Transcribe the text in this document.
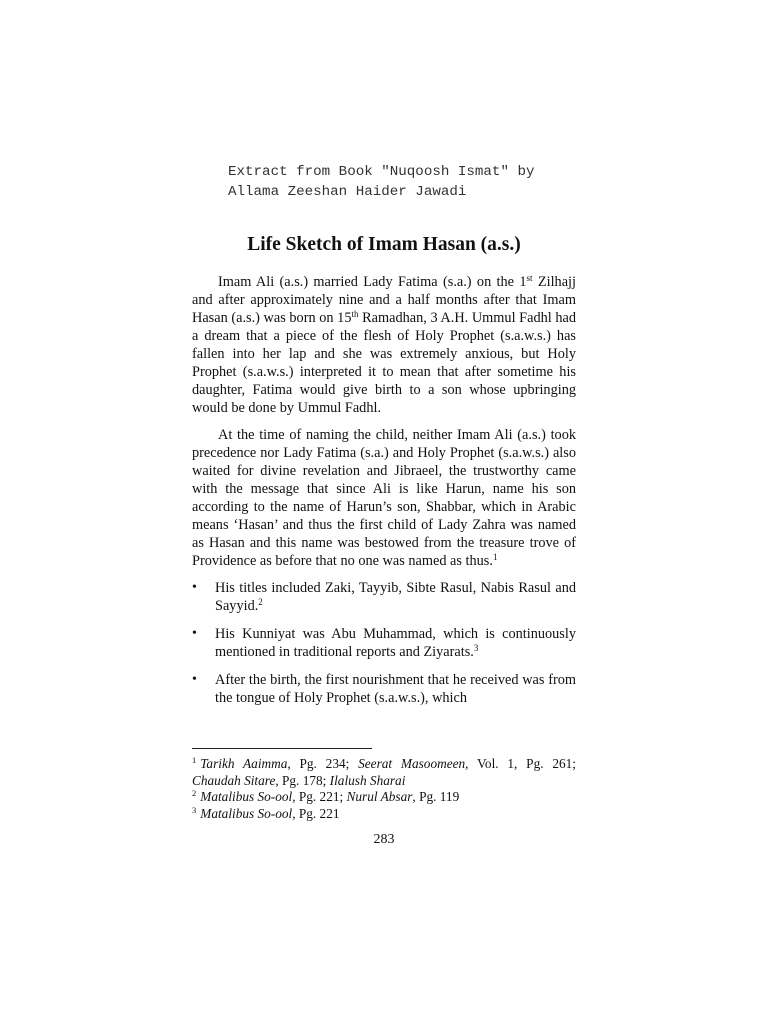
Extract from Book "Nuqoosh Ismat" by
Allama Zeeshan Haider Jawadi
Life Sketch of Imam Hasan (a.s.)

Imam Ali (a.s.) married Lady Fatima (s.a.) on the 1st Zilhajj and after approximately nine and a half months after that Imam Hasan (a.s.) was born on 15th Ramadhan, 3 A.H. Ummul Fadhl had a dream that a piece of the flesh of Holy Prophet (s.a.w.s.) has fallen into her lap and she was extremely anxious, but Holy Prophet (s.a.w.s.) interpreted it to mean that after sometime his daughter, Fatima would give birth to a son whose upbringing would be done by Ummul Fadhl.

At the time of naming the child, neither Imam Ali (a.s.) took precedence nor Lady Fatima (s.a.) and Holy Prophet (s.a.w.s.) also waited for divine revelation and Jibraeel, the trustworthy came with the message that since Ali is like Harun, name his son according to the name of Harun’s son, Shabbar, which in Arabic means ‘Hasan’ and thus the first child of Lady Zahra was named as Hasan and this name was bestowed from the treasure trove of Providence as before that no one was named as thus.$^1$

• His titles included Zaki, Tayyib, Sibte Rasul, Nabis Rasul and Sayyid.$^2$
• His Kunniyat was Abu Muhammad, which is continuously mentioned in traditional reports and Ziyarats.$^3$
• After the birth, the first nourishment that he received was from the tongue of Holy Prophet (s.a.w.s.), which
$^1$ Tarikh Aaimma, Pg. 234; Seerat Masoomeen, Vol. 1, Pg. 261; Chaudah Sitare, Pg. 178; Ilalush Sharai
$^2$ Matalibus So-ool, Pg. 221; Nurul Absar, Pg. 119
$^3$ Matalibus So-ool, Pg. 221
283
